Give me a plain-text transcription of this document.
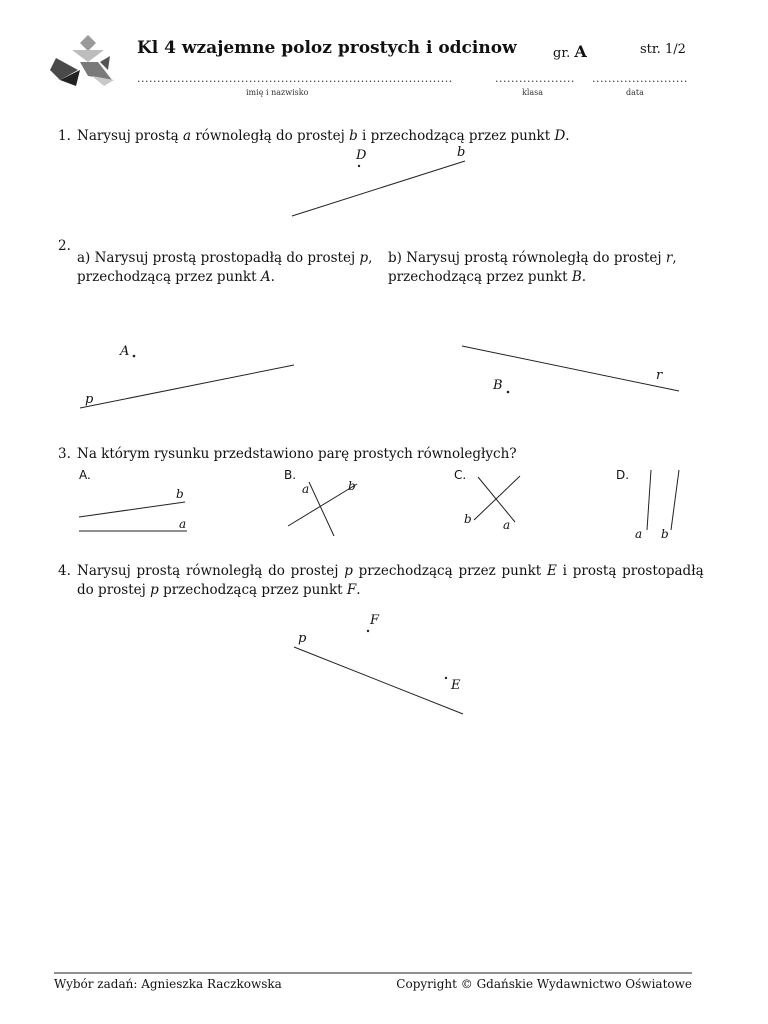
Kl 4 wzajemne poloz prostych i odcinow	gr. A	str. 1/2
...............................................................................
imię i nazwisko
....................
klasa
........................
data
1. Narysuj prostą a równoległą do prostej b i przechodzącą przez punkt D.
D	b
2.
a) Narysuj prostą prostopadłą do prostej p,
przechodzącą przez punkt A.
b) Narysuj prostą równoległą do prostej r,
przechodzącą przez punkt B.
A
p
B
r
3. Na którym rysunku przedstawiono parę prostych równoległych?
A.
b
a
B.
a	b
C.
b	a
D.
a b
4. Narysuj prostą równoległą do prostej p przechodzącą przez punkt E i prostą prostopadłą
do prostej p przechodzącą przez punkt F.
F
p
E
Wybór zadań: Agnieszka Raczkowska	Copyright © Gdańskie Wydawnictwo Oświatowe
